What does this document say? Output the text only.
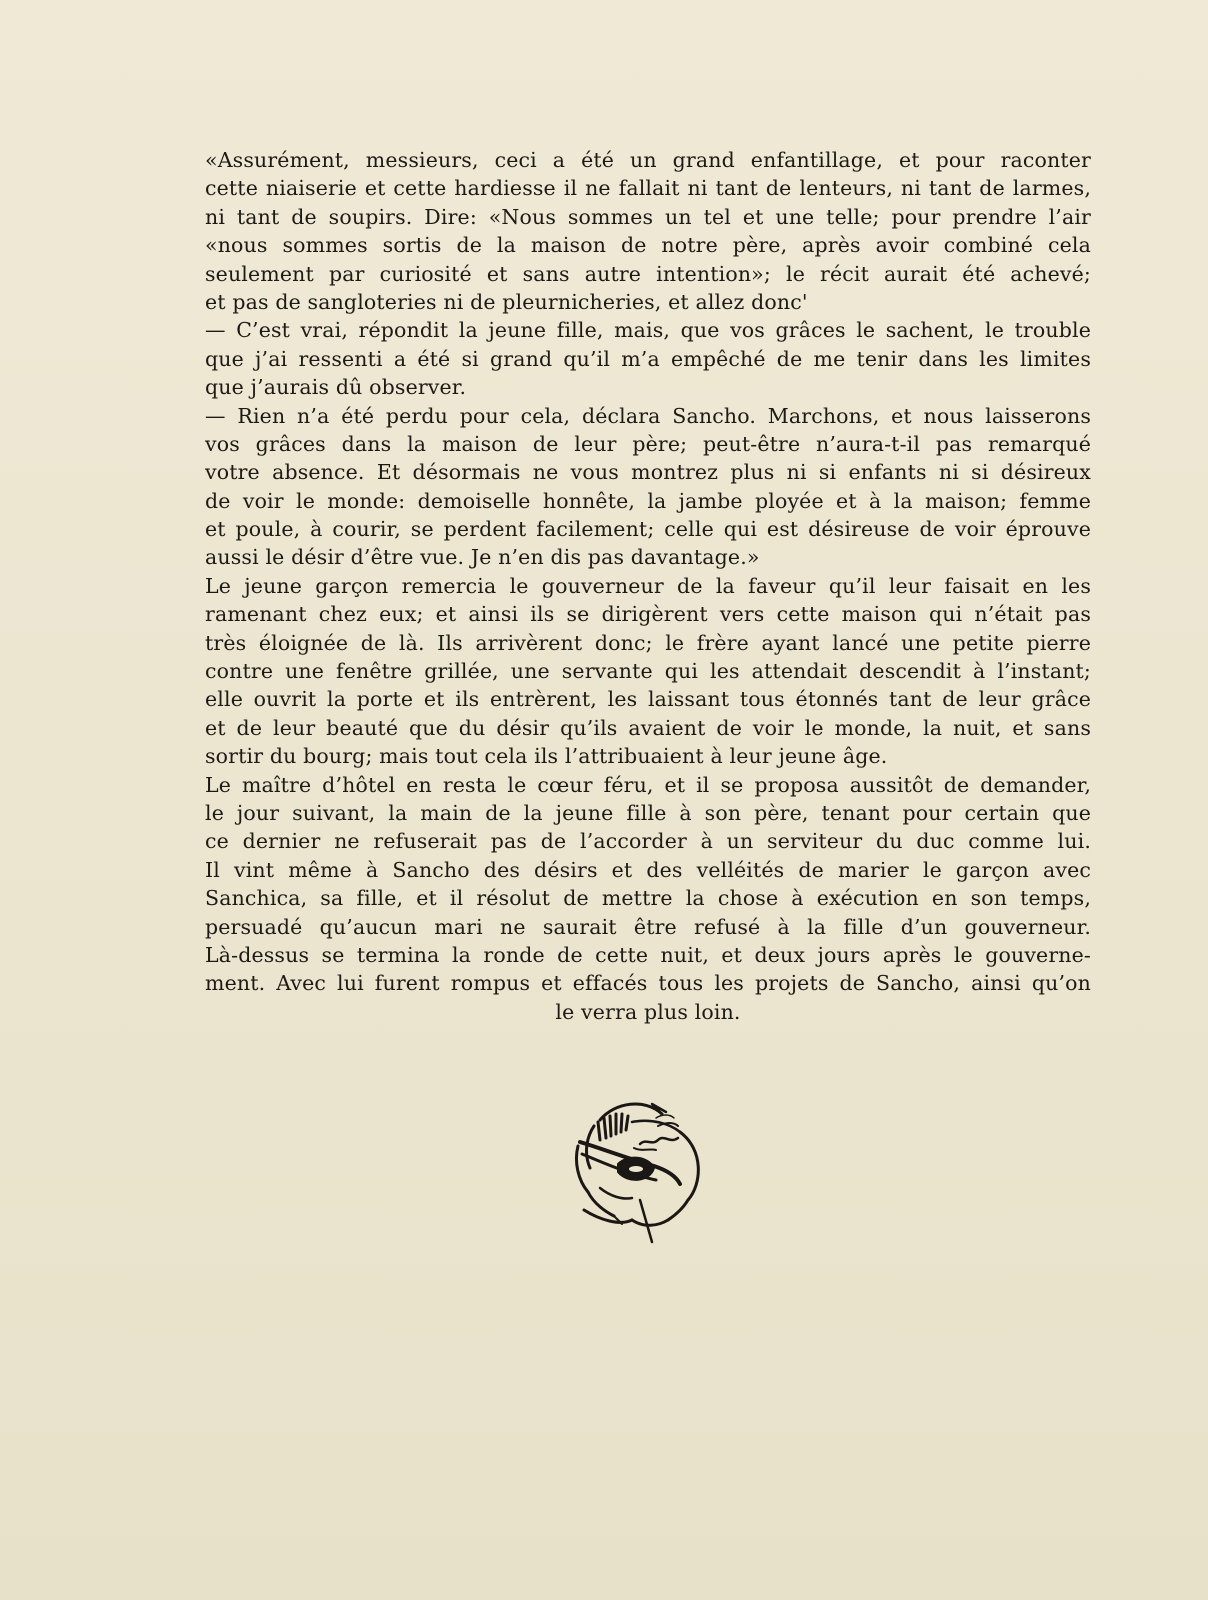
«Assurément, messieurs, ceci a été un grand enfantillage, et pour raconter
cette niaiserie et cette hardiesse il ne fallait ni tant de lenteurs, ni tant de larmes,
ni tant de soupirs. Dire: «Nous sommes un tel et une telle; pour prendre l’air
«nous sommes sortis de la maison de notre père, après avoir combiné cela
seulement par curiosité et sans autre intention»; le récit aurait été achevé;
et pas de sangloteries ni de pleurnicheries, et allez donc'
— C’est vrai, répondit la jeune fille, mais, que vos grâces le sachent, le trouble
que j’ai ressenti a été si grand qu’il m’a empêché de me tenir dans les limites
que j’aurais dû observer.
— Rien n’a été perdu pour cela, déclara Sancho. Marchons, et nous laisserons
vos grâces dans la maison de leur père; peut-être n’aura-t-il pas remarqué
votre absence. Et désormais ne vous montrez plus ni si enfants ni si désireux
de voir le monde: demoiselle honnête, la jambe ployée et à la maison; femme
et poule, à courir, se perdent facilement; celle qui est désireuse de voir éprouve
aussi le désir d’être vue. Je n’en dis pas davantage.»
Le jeune garçon remercia le gouverneur de la faveur qu’il leur faisait en les
ramenant chez eux; et ainsi ils se dirigèrent vers cette maison qui n’était pas
très éloignée de là. Ils arrivèrent donc; le frère ayant lancé une petite pierre
contre une fenêtre grillée, une servante qui les attendait descendit à l’instant;
elle ouvrit la porte et ils entrèrent, les laissant tous étonnés tant de leur grâce
et de leur beauté que du désir qu’ils avaient de voir le monde, la nuit, et sans
sortir du bourg; mais tout cela ils l’attribuaient à leur jeune âge.
Le maître d’hôtel en resta le cœur féru, et il se proposa aussitôt de demander,
le jour suivant, la main de la jeune fille à son père, tenant pour certain que
ce dernier ne refuserait pas de l’accorder à un serviteur du duc comme lui.
Il vint même à Sancho des désirs et des velléités de marier le garçon avec
Sanchica, sa fille, et il résolut de mettre la chose à exécution en son temps,
persuadé qu’aucun mari ne saurait être refusé à la fille d’un gouverneur.
Là-dessus se termina la ronde de cette nuit, et deux jours après le gouverne-
ment. Avec lui furent rompus et effacés tous les projets de Sancho, ainsi qu’on
le verra plus loin.
